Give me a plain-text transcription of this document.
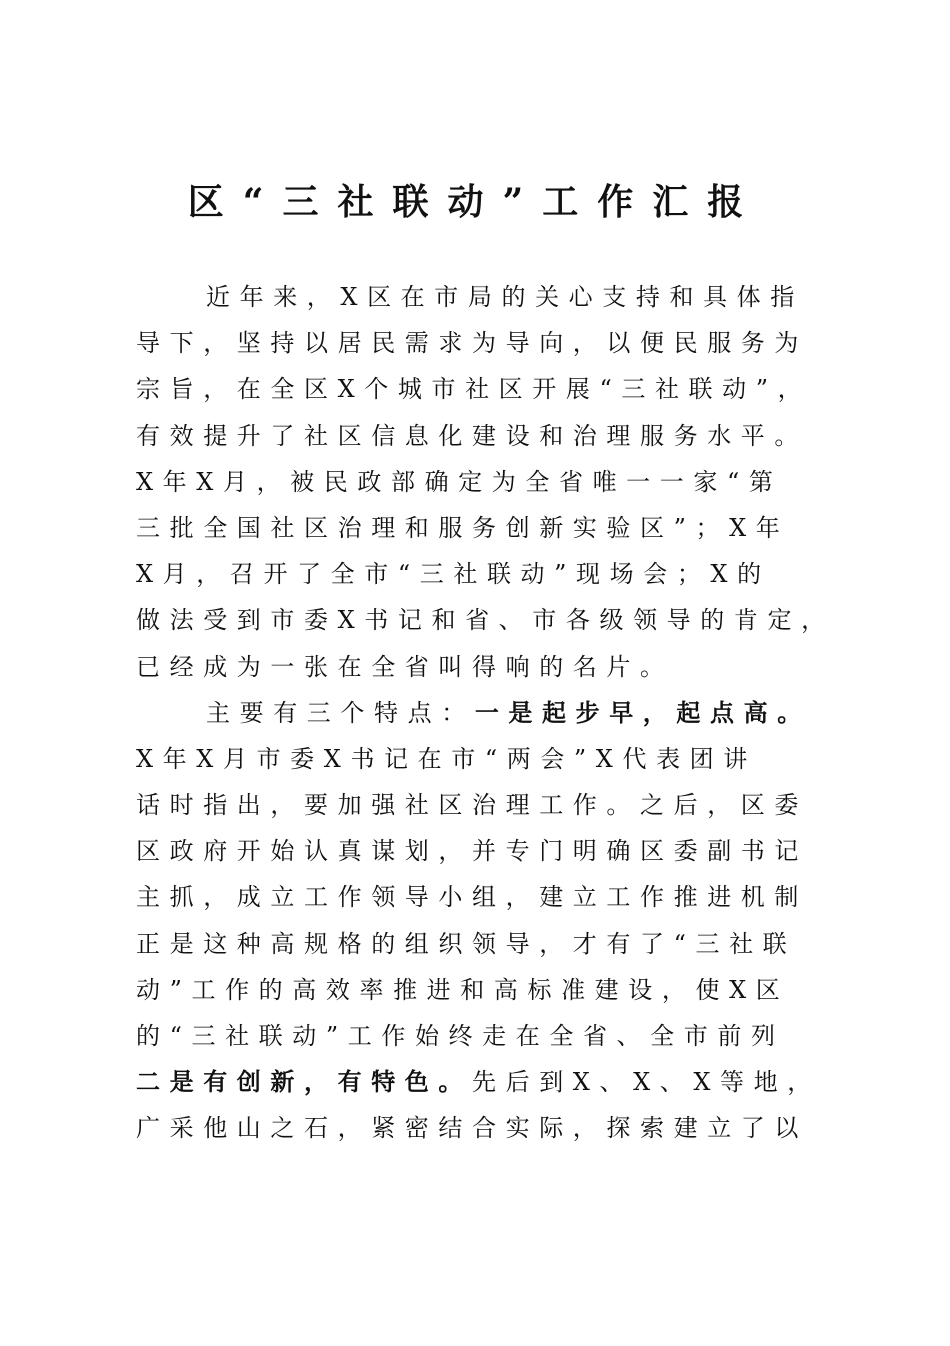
区“三社联动”工作汇报
近年来，X区在市局的关心支持和具体指
导下，坚持以居民需求为导向，以便民服务为
宗旨，在全区X个城市社区开展“三社联动”，
有效提升了社区信息化建设和治理服务水平。
X年X月，被民政部确定为全省唯一一家“第
三批全国社区治理和服务创新实验区”；X年
X月，召开了全市“三社联动”现场会；X的
做法受到市委X书记和省、市各级领导的肯定，
已经成为一张在全省叫得响的名片。
主要有三个特点：一是起步早，起点高。
X年X月市委X书记在市“两会”X代表团讲
话时指出，要加强社区治理工作。之后，区委
区政府开始认真谋划，并专门明确区委副书记
主抓，成立工作领导小组，建立工作推进机制
正是这种高规格的组织领导，才有了“三社联
动”工作的高效率推进和高标准建设，使X区
的“三社联动”工作始终走在全省、全市前列
二是有创新，有特色。先后到X、X、X等地，
广采他山之石，紧密结合实际，探索建立了以
